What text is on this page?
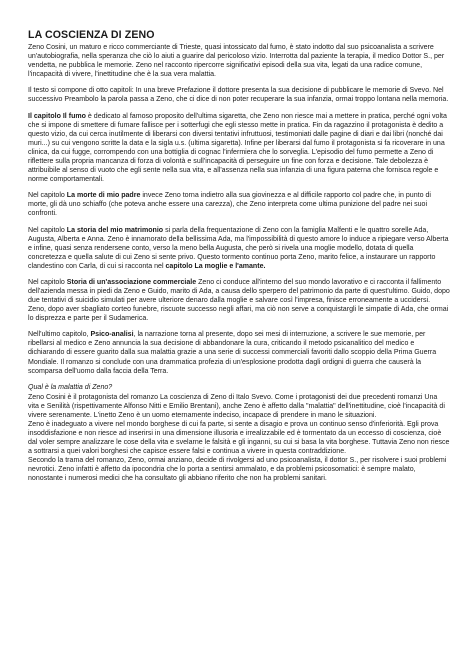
LA COSCIENZA DI ZENO

Zeno Cosini, un maturo e ricco commerciante di Trieste, quasi intossicato dal fumo, è stato indotto dal suo psicoanalista a scrivere un'autobiografia, nella speranza che ciò lo aiuti a guarire dal pericoloso vizio. Interrotta dal paziente la terapia, il medico Dottor S., per vendetta, ne pubblica le memorie. Zeno nel racconto ripercorre significativi episodi della sua vita, legati da una radice comune, l'incapacità di vivere, l'inettitudine che è la sua vera malattia.

Il testo si compone di otto capitoli: In una breve Prefazione il dottore presenta la sua decisione di pubblicare le memorie di Svevo. Nel successivo Preambolo la parola passa a Zeno, che ci dice di non poter recuperare la sua infanzia, ormai troppo lontana nella memoria.

Il capitolo Il fumo è dedicato al famoso proposito dell'ultima sigaretta, che Zeno non riesce mai a mettere in pratica, perché ogni volta che si impone di smettere di fumare fallisce per i sotterfugi che egli stesso mette in pratica. Fin da ragazzino il protagonista è dedito a questo vizio, da cui cerca inutilmente di liberarsi con diversi tentativi infruttuosi, testimoniati dalle pagine di diari e dai libri (nonché dai muri...) su cui vengono scritte la data e la sigla u.s. (ultima sigaretta). Infine per liberarsi dal fumo il protagonista si fa ricoverare in una clinica, da cui fugge, corrompendo con una bottiglia di cognac l'infermiera che lo sorveglia. L'episodio del fumo permette a Zeno di riflettere sulla propria mancanza di forza di volontà e sull'incapacità di perseguire un fine con forza e decisione. Tale debolezza è attribuibile al senso di vuoto che egli sente nella sua vita, e all'assenza nella sua infanzia di una figura paterna che fornisca regole e norme comportamentali.

Nel capitolo La morte di mio padre invece Zeno torna indietro alla sua giovinezza e al difficile rapporto col padre che, in punto di morte, gli dà uno schiaffo (che poteva anche essere una carezza), che Zeno interpreta come ultima punizione del padre nei suoi confronti.

Nel capitolo La storia del mio matrimonio si parla della frequentazione di Zeno con la famiglia Malfenti e le quattro sorelle Ada, Augusta, Alberta e Anna. Zeno è innamorato della bellissima Ada, ma l'impossibilità di questo amore lo induce a ripiegare verso Alberta e infine, quasi senza rendersene conto, verso la meno bella Augusta, che però si rivela una moglie modello, dotata di quella concretezza e quella salute di cui Zeno si sente privo. Questo tormento continuo porta Zeno, marito felice, a instaurare un rapporto clandestino con Carla, di cui si racconta nel capitolo La moglie e l'amante.

Nel capitolo Storia di un'associazione commerciale Zeno ci conduce all'interno del suo mondo lavorativo e ci racconta il fallimento dell'azienda messa in piedi da Zeno e Guido, marito di Ada, a causa dello sperpero del patrimonio da parte di quest'ultimo. Guido, dopo due tentativi di suicidio simulati per avere ulteriore denaro dalla moglie e salvare così l'impresa, finisce erroneamente a uccidersi. Zeno, dopo aver sbagliato corteo funebre, riscuote successo negli affari, ma ciò non serve a conquistargli le simpatie di Ada, che ormai lo disprezza e parte per il Sudamerica.

Nell'ultimo capitolo, Psico-analisi, la narrazione torna al presente, dopo sei mesi di interruzione, a scrivere le sue memorie, per ribellarsi al medico e Zeno annuncia la sua decisione di abbandonare la cura, criticando il metodo psicanalitico del medico e dichiarando di essere guarito dalla sua malattia grazie a una serie di successi commerciali favoriti dallo scoppio della Prima Guerra Mondiale. Il romanzo si conclude con una drammatica profezia di un'esplosione prodotta dagli ordigni di guerra che causerà la scomparsa dell'uomo dalla faccia della Terra.

Qual è la malattia di Zeno?

Zeno Cosini è il protagonista del romanzo La coscienza di Zeno di Italo Svevo. Come i protagonisti dei due precedenti romanzi Una vita e Senilità (rispettivamente Alfonso Nitti e Emilio Brentani), anche Zeno è affetto dalla "malattia" dell'inettitudine, cioè l'incapacità di vivere serenamente. L'inetto Zeno è un uomo eternamente indeciso, incapace di prendere in mano le situazioni.

Zeno è inadeguato a vivere nel mondo borghese di cui fa parte, si sente a disagio e prova un continuo senso d'inferiorità. Egli prova insoddisfazione e non riesce ad inserirsi in una dimensione illusoria e irrealizzabile ed è tormentato da un eccesso di coscienza, cioè dal voler sempre analizzare le cose della vita e svelarne le falsità e gli inganni, su cui si basa la vita borghese. Tuttavia Zeno non riesce a sottrarsi a quei valori borghesi che capisce essere falsi e continua a vivere in questa contraddizione.

Secondo la trama del romanzo, Zeno, ormai anziano, decide di rivolgersi ad uno psicoanalista, il dottor S., per risolvere i suoi problemi nevrotici. Zeno infatti è affetto da ipocondria che lo porta a sentirsi ammalato, e da problemi psicosomatici: è sempre malato, nonostante i numerosi medici che ha consultato gli abbiano riferito che non ha problemi sanitari.
